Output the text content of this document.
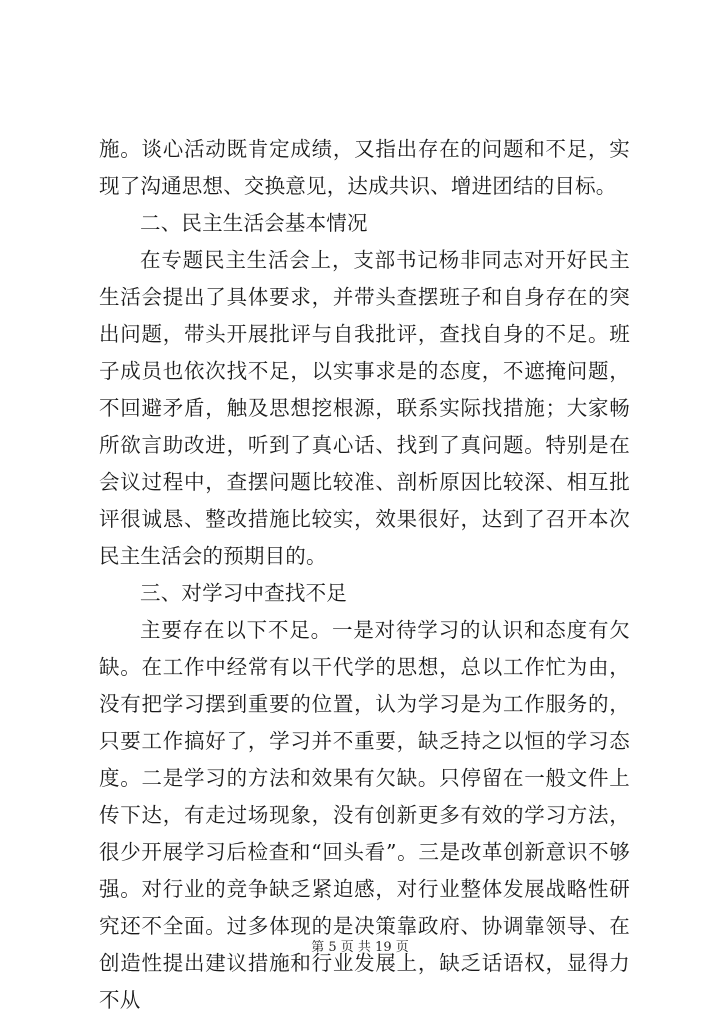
施。谈心活动既肯定成绩，又指出存在的问题和不足，实现了沟通思想、交换意见，达成共识、增进团结的目标。

二、民主生活会基本情况

在专题民主生活会上，支部书记杨非同志对开好民主生活会提出了具体要求，并带头查摆班子和自身存在的突出问题，带头开展批评与自我批评，查找自身的不足。班子成员也依次找不足，以实事求是的态度，不遮掩问题，不回避矛盾，触及思想挖根源，联系实际找措施；大家畅所欲言助改进，听到了真心话、找到了真问题。特别是在会议过程中，查摆问题比较准、剖析原因比较深、相互批评很诚恳、整改措施比较实，效果很好，达到了召开本次民主生活会的预期目的。

三、对学习中查找不足

主要存在以下不足。一是对待学习的认识和态度有欠缺。在工作中经常有以干代学的思想，总以工作忙为由，没有把学习摆到重要的位置，认为学习是为工作服务的，只要工作搞好了，学习并不重要，缺乏持之以恒的学习态度。二是学习的方法和效果有欠缺。只停留在一般文件上传下达，有走过场现象，没有创新更多有效的学习方法，很少开展学习后检查和“回头看”。三是改革创新意识不够强。对行业的竞争缺乏紧迫感，对行业整体发展战略性研究还不全面。过多体现的是决策靠政府、协调靠领导、在创造性提出建议措施和行业发展上，缺乏话语权，显得力不从

第 5 页 共 19 页
